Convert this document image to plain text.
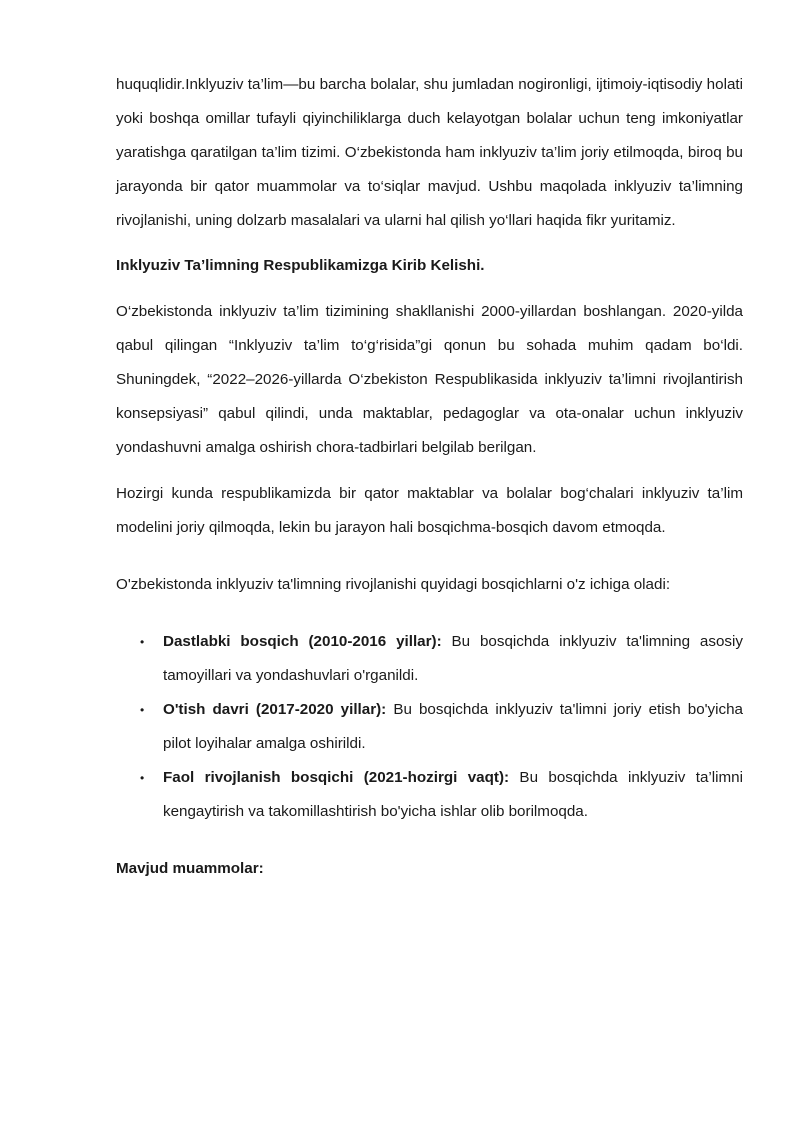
huquqlidir.Inklyuziv ta’lim—bu barcha bolalar, shu jumladan nogironligi, ijtimoiy-iqtisodiy holati yoki boshqa omillar tufayli qiyinchiliklarga duch kelayotgan bolalar uchun teng imkoniyatlar yaratishga qaratilgan ta’lim tizimi. O‘zbekistonda ham inklyuziv ta’lim joriy etilmoqda, biroq bu jarayonda bir qator muammolar va to‘siqlar mavjud. Ushbu maqolada inklyuziv ta’limning rivojlanishi, uning dolzarb masalalari va ularni hal qilish yo‘llari haqida fikr yuritamiz.

Inklyuziv Ta’limning Respublikamizga Kirib Kelishi.

O‘zbekistonda inklyuziv ta’lim tizimining shakllanishi 2000-yillardan boshlangan. 2020-yilda qabul qilingan “Inklyuziv ta’lim to‘g‘risida”gi qonun bu sohada muhim qadam bo‘ldi. Shuningdek, “2022–2026-yillarda O‘zbekiston Respublikasida inklyuziv ta’limni rivojlantirish konsepsiyasi” qabul qilindi, unda maktablar, pedagoglar va ota-onalar uchun inklyuziv yondashuvni amalga oshirish chora-tadbirlari belgilab berilgan.

Hozirgi kunda respublikamizda bir qator maktablar va bolalar bog‘chalari inklyuziv ta’lim modelini joriy qilmoqda, lekin bu jarayon hali bosqichma-bosqich davom etmoqda.

O'zbekistonda inklyuziv ta'limning rivojlanishi quyidagi bosqichlarni o'z ichiga oladi:

• Dastlabki bosqich (2010-2016 yillar): Bu bosqichda inklyuziv ta'limning asosiy tamoyillari va yondashuvlari o'rganildi.
• O'tish davri (2017-2020 yillar): Bu bosqichda inklyuziv ta'limni joriy etish bo'yicha pilot loyihalar amalga oshirildi.
• Faol rivojlanish bosqichi (2021-hozirgi vaqt): Bu bosqichda inklyuziv ta’limni kengaytirish va takomillashtirish bo'yicha ishlar olib borilmoqda.

Mavjud muammolar:
